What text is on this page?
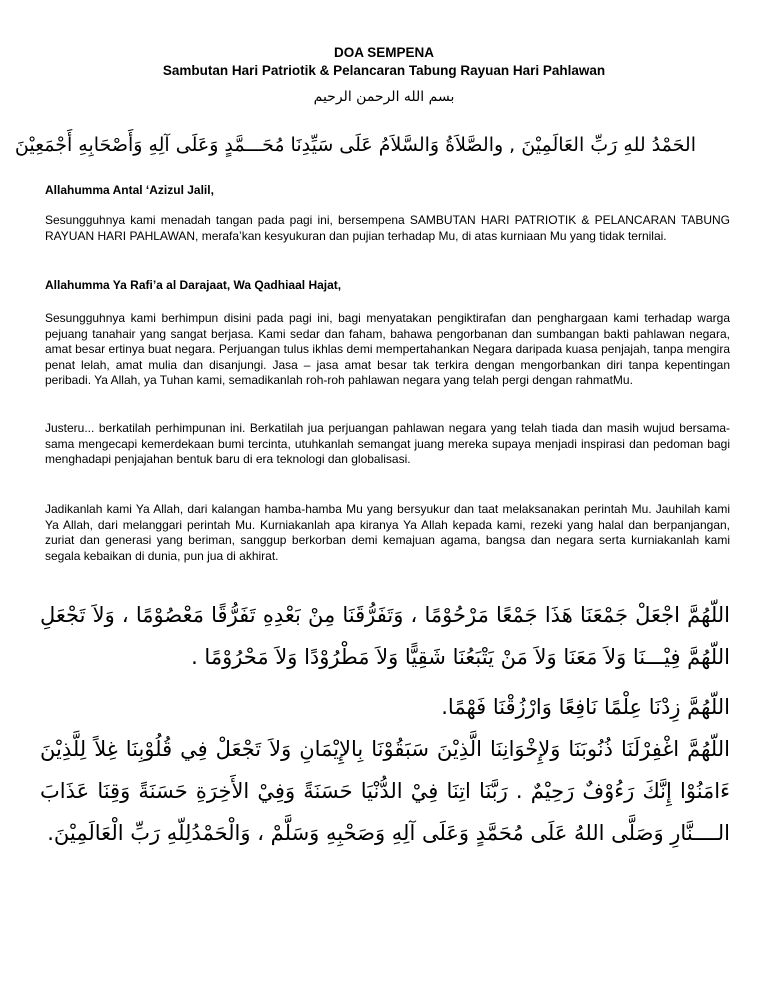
DOA SEMPENA
Sambutan Hari Patriotik & Pelancaran Tabung Rayuan Hari Pahlawan
بسم الله الرحمن الرحيم
الحَمْدُ للهِ رَبِّ العَالَمِيْنَ , والصَّلاَةُ وَالسَّلاَمُ عَلَى سَيِّدِنَا مُحَـــمَّدٍ وَعَلَى آلِهِ وَأَصْحَابِهِ أَجْمَعِيْنَ
Allahumma Antal ‘Azizul Jalil,

Sesungguhnya kami menadah tangan pada pagi ini, bersempena SAMBUTAN HARI PATRIOTIK & PELANCARAN TABUNG RAYUAN HARI PAHLAWAN, merafa’kan kesyukuran dan pujian terhadap Mu, di atas kurniaan Mu yang tidak ternilai.

Allahumma Ya Rafi’a al Darajaat, Wa Qadhiaal Hajat,

Sesungguhnya kami berhimpun disini pada pagi ini, bagi menyatakan pengiktirafan dan penghargaan kami terhadap warga pejuang tanahair yang sangat berjasa. Kami sedar dan faham, bahawa pengorbanan dan sumbangan bakti pahlawan negara, amat besar ertinya buat negara. Perjuangan tulus ikhlas demi mempertahankan Negara daripada kuasa penjajah, tanpa mengira penat lelah, amat mulia dan disanjungi. Jasa – jasa amat besar tak terkira dengan mengorbankan diri tanpa kepentingan peribadi. Ya Allah, ya Tuhan kami, semadikanlah roh-roh pahlawan negara yang telah pergi dengan rahmatMu.

Justeru... berkatilah perhimpunan ini. Berkatilah jua perjuangan pahlawan negara yang telah tiada dan masih wujud bersama-sama mengecapi kemerdekaan bumi tercinta, utuhkanlah semangat juang mereka supaya menjadi inspirasi dan pedoman bagi menghadapi penjajahan bentuk baru di era teknologi dan globalisasi.

Jadikanlah kami Ya Allah, dari kalangan hamba-hamba Mu yang bersyukur dan taat melaksanakan perintah Mu. Jauhilah kami Ya Allah, dari melanggari perintah Mu. Kurniakanlah apa kiranya Ya Allah kepada kami, rezeki yang halal dan berpanjangan, zuriat dan generasi yang beriman, sanggup berkorban demi kemajuan agama, bangsa dan negara serta kurniakanlah kami segala kebaikan di dunia, pun jua di akhirat.

اللّهُمَّ اجْعَلْ جَمْعَنَا هَذَا جَمْعًا مَرْحُوْمًا ، وَتَفَرُّقَنَا مِنْ بَعْدِهِ تَفَرُّقًا مَعْصُوْمًا ، وَلاَ تَجْعَلِ اللّهُمَّ فِيْـــنَا وَلاَ مَعَنَا وَلاَ مَنْ يَتْبَعُنَا شَقِيًّا وَلاَ مَطْرُوْدًا وَلاَ مَحْرُوْمًا .

اللّهُمَّ زِدْنَا عِلْمًا نَافِعًا وَارْزُقْنَا فَهْمًا.

اللّهُمَّ اغْفِرْلَنَا ذُنُوبَنَا وَلإِخْوَانِنَا الَّذِيْنَ سَبَقُوْنَا بِالإِيْمَانِ وَلاَ تَجْعَلْ فِي قُلُوْبِنَا غِلاً لِلَّذِيْنَ ءَامَنُوْا إِنَّكَ رَءُوْفٌ رَحِيْمٌ . رَبَّنَا اتِنَا فِيْ الدُّنْيَا حَسَنَةً وَفِيْ الأَخِرَةِ حَسَنَةً وَقِنَا عَذَابَ الــــنَّارِ وَصَلَّى اللهُ عَلَى مُحَمَّدٍ وَعَلَى آلِهِ وَصَحْبِهِ وَسَلَّمْ ، وَالْحَمْدُلِلّهِ رَبِّ الْعَالَمِيْنَ.
